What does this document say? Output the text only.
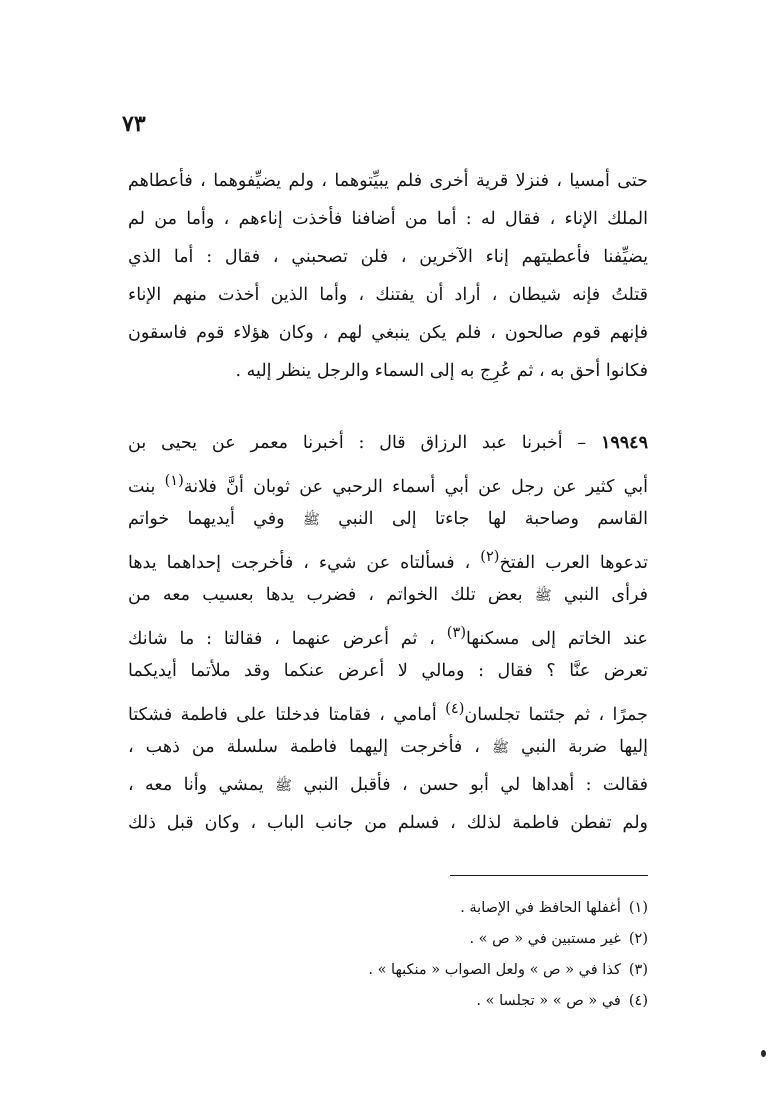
٧٣
حتى أمسيا ، فنزلا قرية أخرى فلم يبيِّتوهما ، ولم يضيِّفوهما ، فأعطاهم
الملك الإناء ، فقال له : أما من أضافنا فأخذت إناءهم ، وأما من لم
يضيِّفنا فأعطيتهم إناء الآخرين ، فلن تصحبني ، فقال : أما الذي
قتلتُ فإنه شيطان ، أراد أن يفتنك ، وأما الذين أخذت منهم الإناء
فإنهم قوم صالحون ، فلم يكن ينبغي لهم ، وكان هؤلاء قوم فاسقون
فكانوا أحق به ، ثم عُرِج به إلى السماء والرجل ينظر إليه .
١٩٩٤٩ – أخبرنا عبد الرزاق قال : أخبرنا معمر عن يحيى بن
أبي كثير عن رجل عن أبي أسماء الرحبي عن ثوبان أنَّ فلانة$^{(١)}$ بنت
القاسم وصاحبة لها جاءتا إلى النبي ﷺ وفي أيديهما خواتم
تدعوها العرب الفتخ$^{(٢)}$ ، فسألتاه عن شيء ، فأخرجت إحداهما يدها
فرأى النبي ﷺ بعض تلك الخواتم ، فضرب يدها بعسيب معه من
عند الخاتم إلى مسكنها$^{(٣)}$ ، ثم أعرض عنهما ، فقالتا : ما شانك
تعرض عنَّا ؟ فقال : ومالي لا أعرض عنكما وقد ملأتما أيديكما
جمرًا ، ثم جئتما تجلسان$^{(٤)}$ أمامي ، فقامتا فدخلتا على فاطمة فشكتا
إليها ضربة النبي ﷺ ، فأخرجت إليهما فاطمة سلسلة من ذهب ،
فقالت : أهداها لي أبو حسن ، فأقبل النبي ﷺ يمشي وأنا معه ،
ولم تفطن فاطمة لذلك ، فسلم من جانب الباب ، وكان قبل ذلك
(١)أغفلها الحافظ في الإصابة .
(٢)غير مستبين في « ص » .
(٣)كذا في « ص » ولعل الصواب « منكبها » .
(٤)في « ص » « تجلسا » .
